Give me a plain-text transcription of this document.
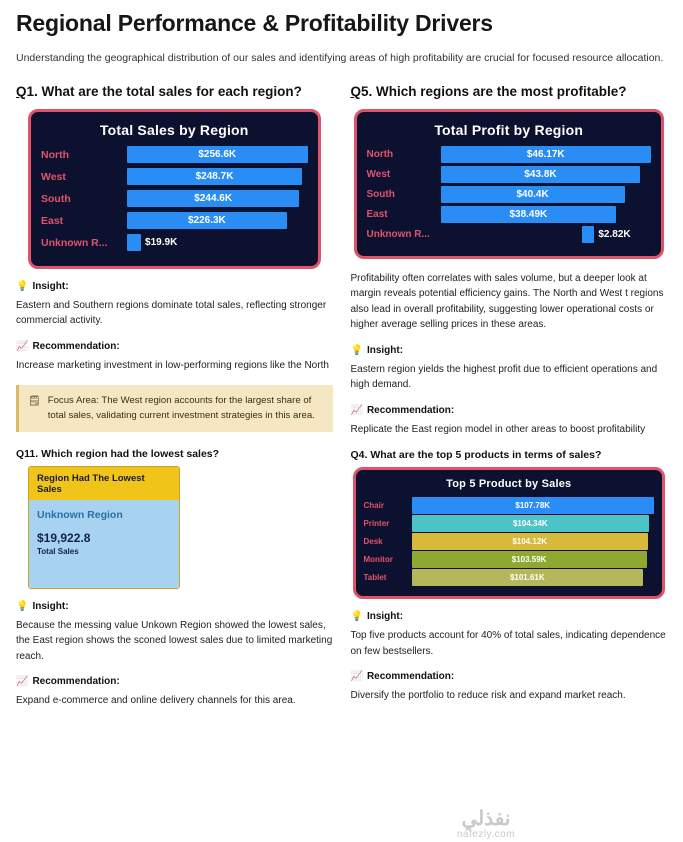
Regional Performance & Profitability Drivers

Understanding the geographical distribution of our sales and identifying areas of high profitability are crucial for focused resource allocation.

Q1. What are the total sales for each region?
Total Sales by Region
North	$256.6K
West	$248.7K
South	$244.6K
East	$226.3K
Unknown R...	$19.9K
💡 Insight:

Eastern and Southern regions dominate total sales, reflecting stronger commercial activity.

📈 Recommendation:

Increase marketing investment in low-performing regions like the North

🗒 Focus Area: The West region accounts for the largest share of total sales, validating current investment strategies in this area.
Q11. Which region had the lowest sales?
Region Had The Lowest Sales
Unknown Region
$19,922.8
Total Sales
💡 Insight:

Because the messing value Unkown Region showed the lowest sales, the East region shows the sconed lowest sales due to limited marketing reach.

📈 Recommendation:

Expand e-commerce and online delivery channels for this area.

Q5. Which regions are the most profitable?
Total Profit by Region
North	$46.17K
West	$43.8K
South	$40.4K
East	$38.49K
Unknown R...	$2.82K

Profitability often correlates with sales volume, but a deeper look at margin reveals potential efficiency gains. The North and West t regions also lead in overall profitability, suggesting lower operational costs or higher average selling prices in these areas.

💡 Insight:

Eastern region yields the highest profit due to efficient operations and high demand.

📈 Recommendation:

Replicate the East region model in other areas to boost profitability

Q4. What are the top 5 products in terms of sales?
Top 5 Product by Sales
Chair	$107.78K
Printer	$104.34K
Desk	$104.12K
Monitor	$103.59K
Tablet	$101.61K
💡 Insight:

Top five products account for 40% of total sales, indicating dependence on few bestsellers.

📈 Recommendation:

Diversify the portfolio to reduce risk and expand market reach.

نفذلي
nafezly.com
